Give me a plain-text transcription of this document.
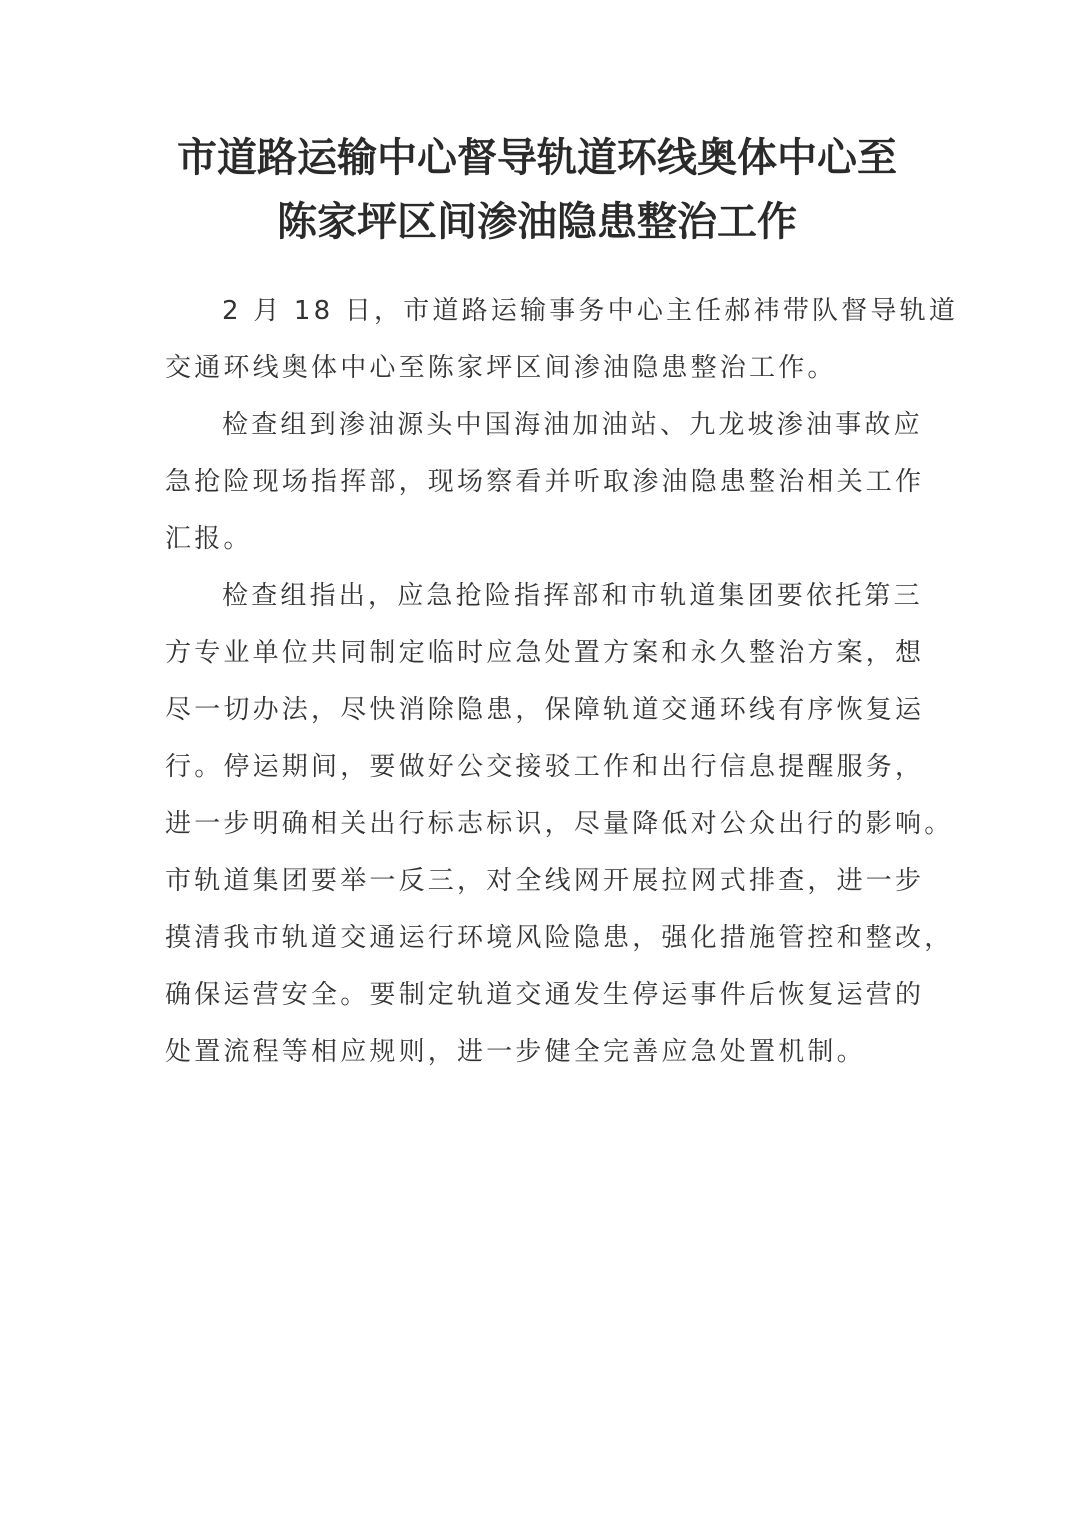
市道路运输中心督导轨道环线奥体中心至
陈家坪区间渗油隐患整治工作
2 月 18 日，市道路运输事务中心主任郝祎带队督导轨道
交通环线奥体中心至陈家坪区间渗油隐患整治工作。
检查组到渗油源头中国海油加油站、九龙坡渗油事故应
急抢险现场指挥部，现场察看并听取渗油隐患整治相关工作
汇报。
检查组指出，应急抢险指挥部和市轨道集团要依托第三
方专业单位共同制定临时应急处置方案和永久整治方案，想
尽一切办法，尽快消除隐患，保障轨道交通环线有序恢复运
行。停运期间，要做好公交接驳工作和出行信息提醒服务，
进一步明确相关出行标志标识，尽量降低对公众出行的影响。
市轨道集团要举一反三，对全线网开展拉网式排查，进一步
摸清我市轨道交通运行环境风险隐患，强化措施管控和整改，
确保运营安全。要制定轨道交通发生停运事件后恢复运营的
处置流程等相应规则，进一步健全完善应急处置机制。
